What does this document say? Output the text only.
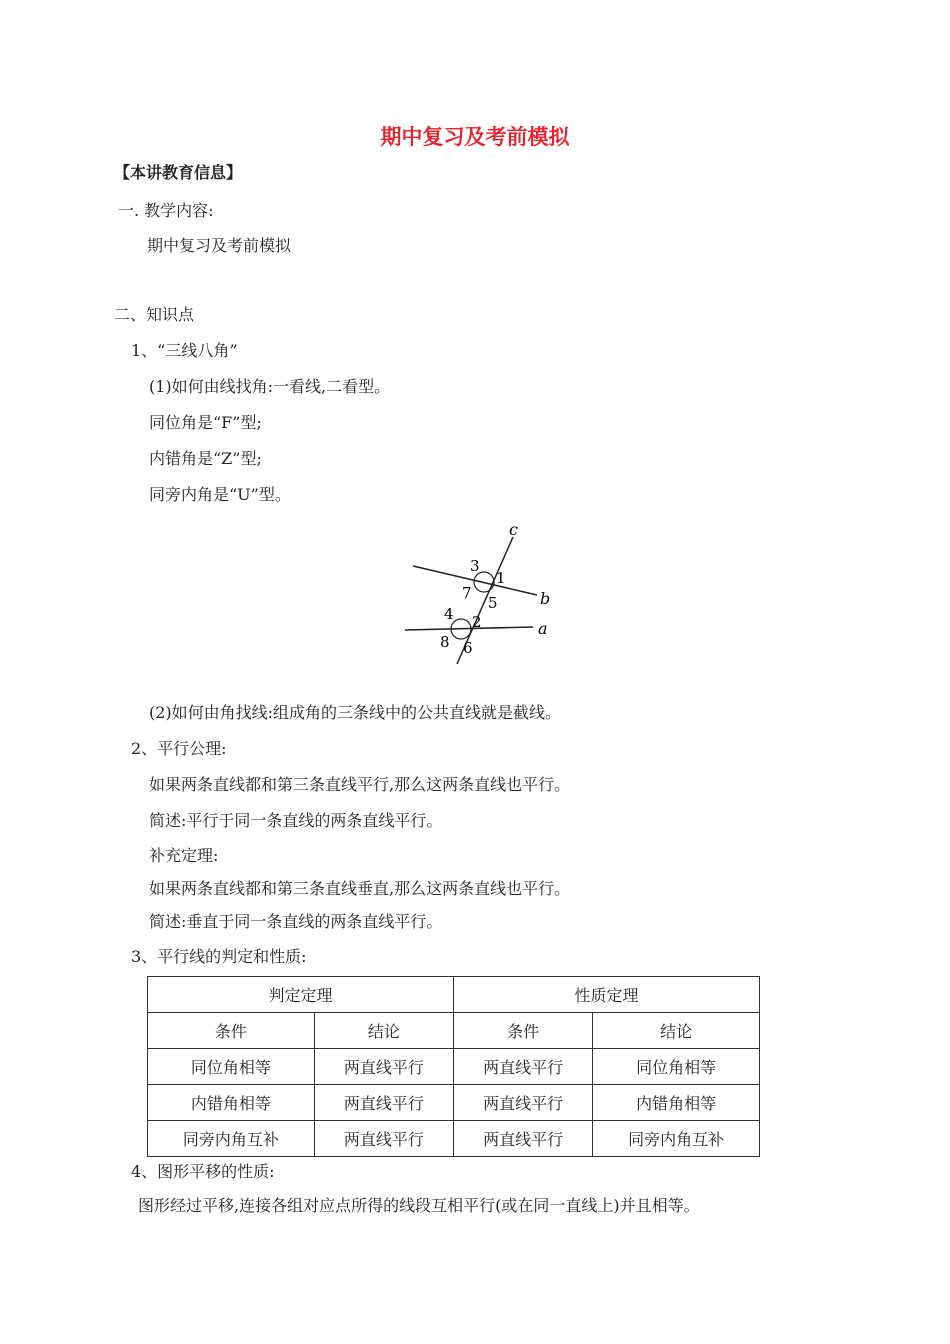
期中复习及考前模拟
【本讲教育信息】
一. 教学内容:
期中复习及考前模拟
二、知识点
1、“三线八角”
(1)如何由线找角:一看线,二看型。
同位角是“F”型;
内错角是“Z”型;
同旁内角是“U”型。
c
b
a
3
1
7
5
4 2
8 6
(2)如何由角找线:组成角的三条线中的公共直线就是截线。
2、平行公理:
如果两条直线都和第三条直线平行,那么这两条直线也平行。
简述:平行于同一条直线的两条直线平行。
补充定理:
如果两条直线都和第三条直线垂直,那么这两条直线也平行。
简述:垂直于同一条直线的两条直线平行。
3、平行线的判定和性质:
判定定理		性质定理	
条件	结论	条件	结论
同位角相等	两直线平行	两直线平行	同位角相等
内错角相等	两直线平行	两直线平行	内错角相等
同旁内角互补	两直线平行	两直线平行	同旁内角互补
4、图形平移的性质:
图形经过平移,连接各组对应点所得的线段互相平行(或在同一直线上)并且相等。
